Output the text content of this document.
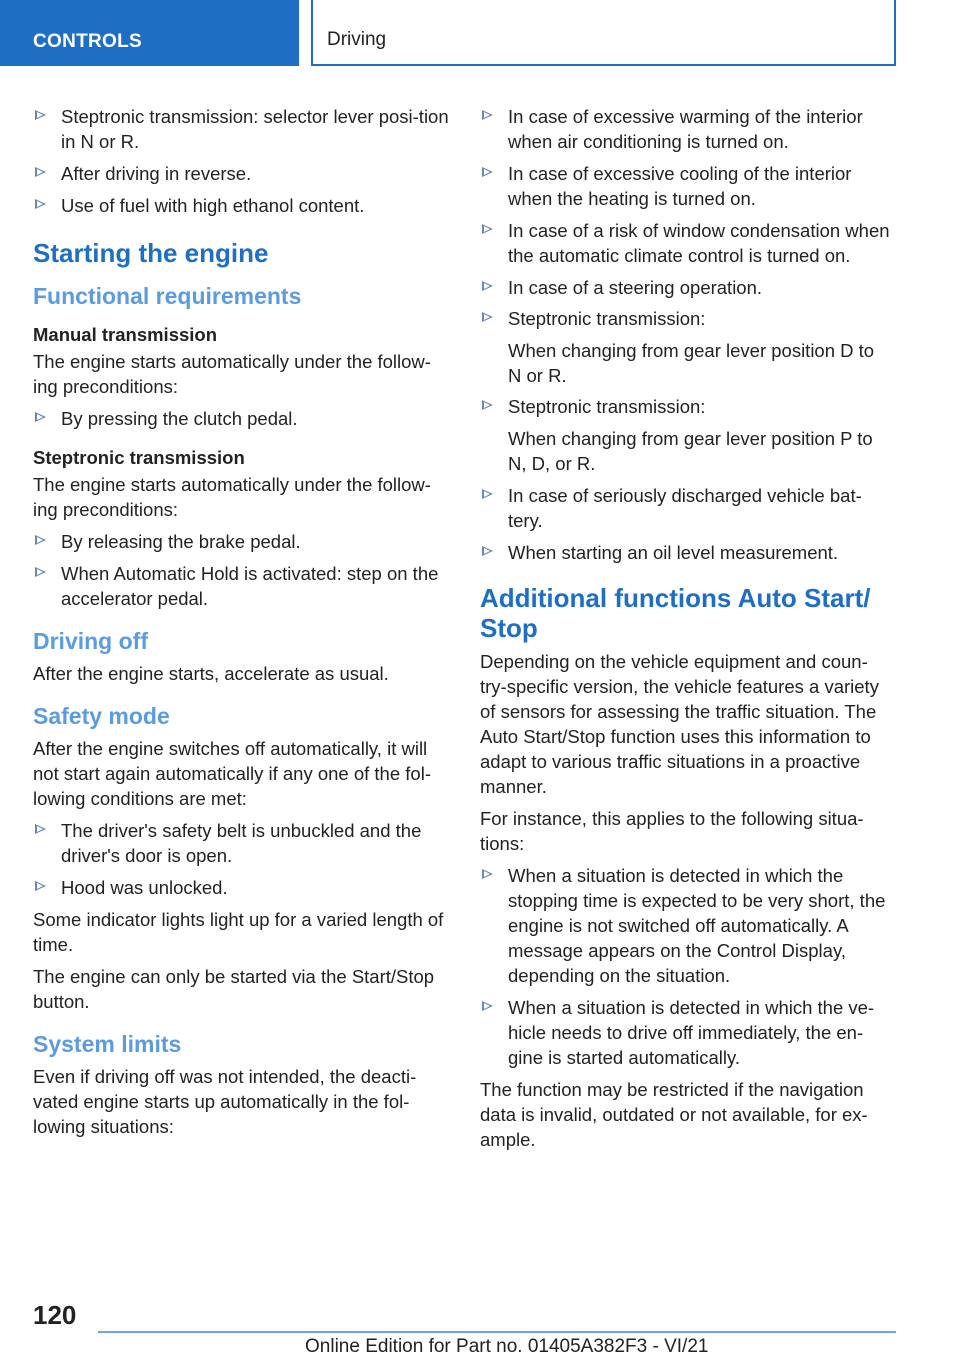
CONTROLS	Driving
Steptronic transmission: selector lever posi-tion in N or R.
After driving in reverse.
Use of fuel with high ethanol content.
Starting the engine
Functional requirements
Manual transmission

The engine starts automatically under the follow-ing preconditions:

By pressing the clutch pedal.
Steptronic transmission

The engine starts automatically under the follow-ing preconditions:

By releasing the brake pedal.
When Automatic Hold is activated: step on the accelerator pedal.
Driving off

After the engine starts, accelerate as usual.

Safety mode

After the engine switches off automatically, it will not start again automatically if any one of the fol-lowing conditions are met:

The driver's safety belt is unbuckled and the driver's door is open.
Hood was unlocked.

Some indicator lights light up for a varied length of time.

The engine can only be started via the Start/Stop button.

System limits

Even if driving off was not intended, the deacti-vated engine starts up automatically in the fol-lowing situations:

In case of excessive warming of the interior when air conditioning is turned on.
In case of excessive cooling of the interior when the heating is turned on.
In case of a risk of window condensation when the automatic climate control is turned on.
In case of a steering operation.

Steptronic transmission:

When changing from gear lever position D to N or R.

Steptronic transmission:

When changing from gear lever position P to N, D, or R.

In case of seriously discharged vehicle bat-tery.
When starting an oil level measurement.
Additional functions Auto Start/ Stop

Depending on the vehicle equipment and coun-try-specific version, the vehicle features a variety of sensors for assessing the traffic situation. The Auto Start/Stop function uses this information to adapt to various traffic situations in a proactive manner.

For instance, this applies to the following situa-tions:

When a situation is detected in which the stopping time is expected to be very short, the engine is not switched off automatically. A message appears on the Control Display, depending on the situation.
When a situation is detected in which the ve-hicle needs to drive off immediately, the en-gine is started automatically.

The function may be restricted if the navigation data is invalid, outdated or not available, for ex-ample.

120
Online Edition for Part no. 01405A382F3 - VI/21
